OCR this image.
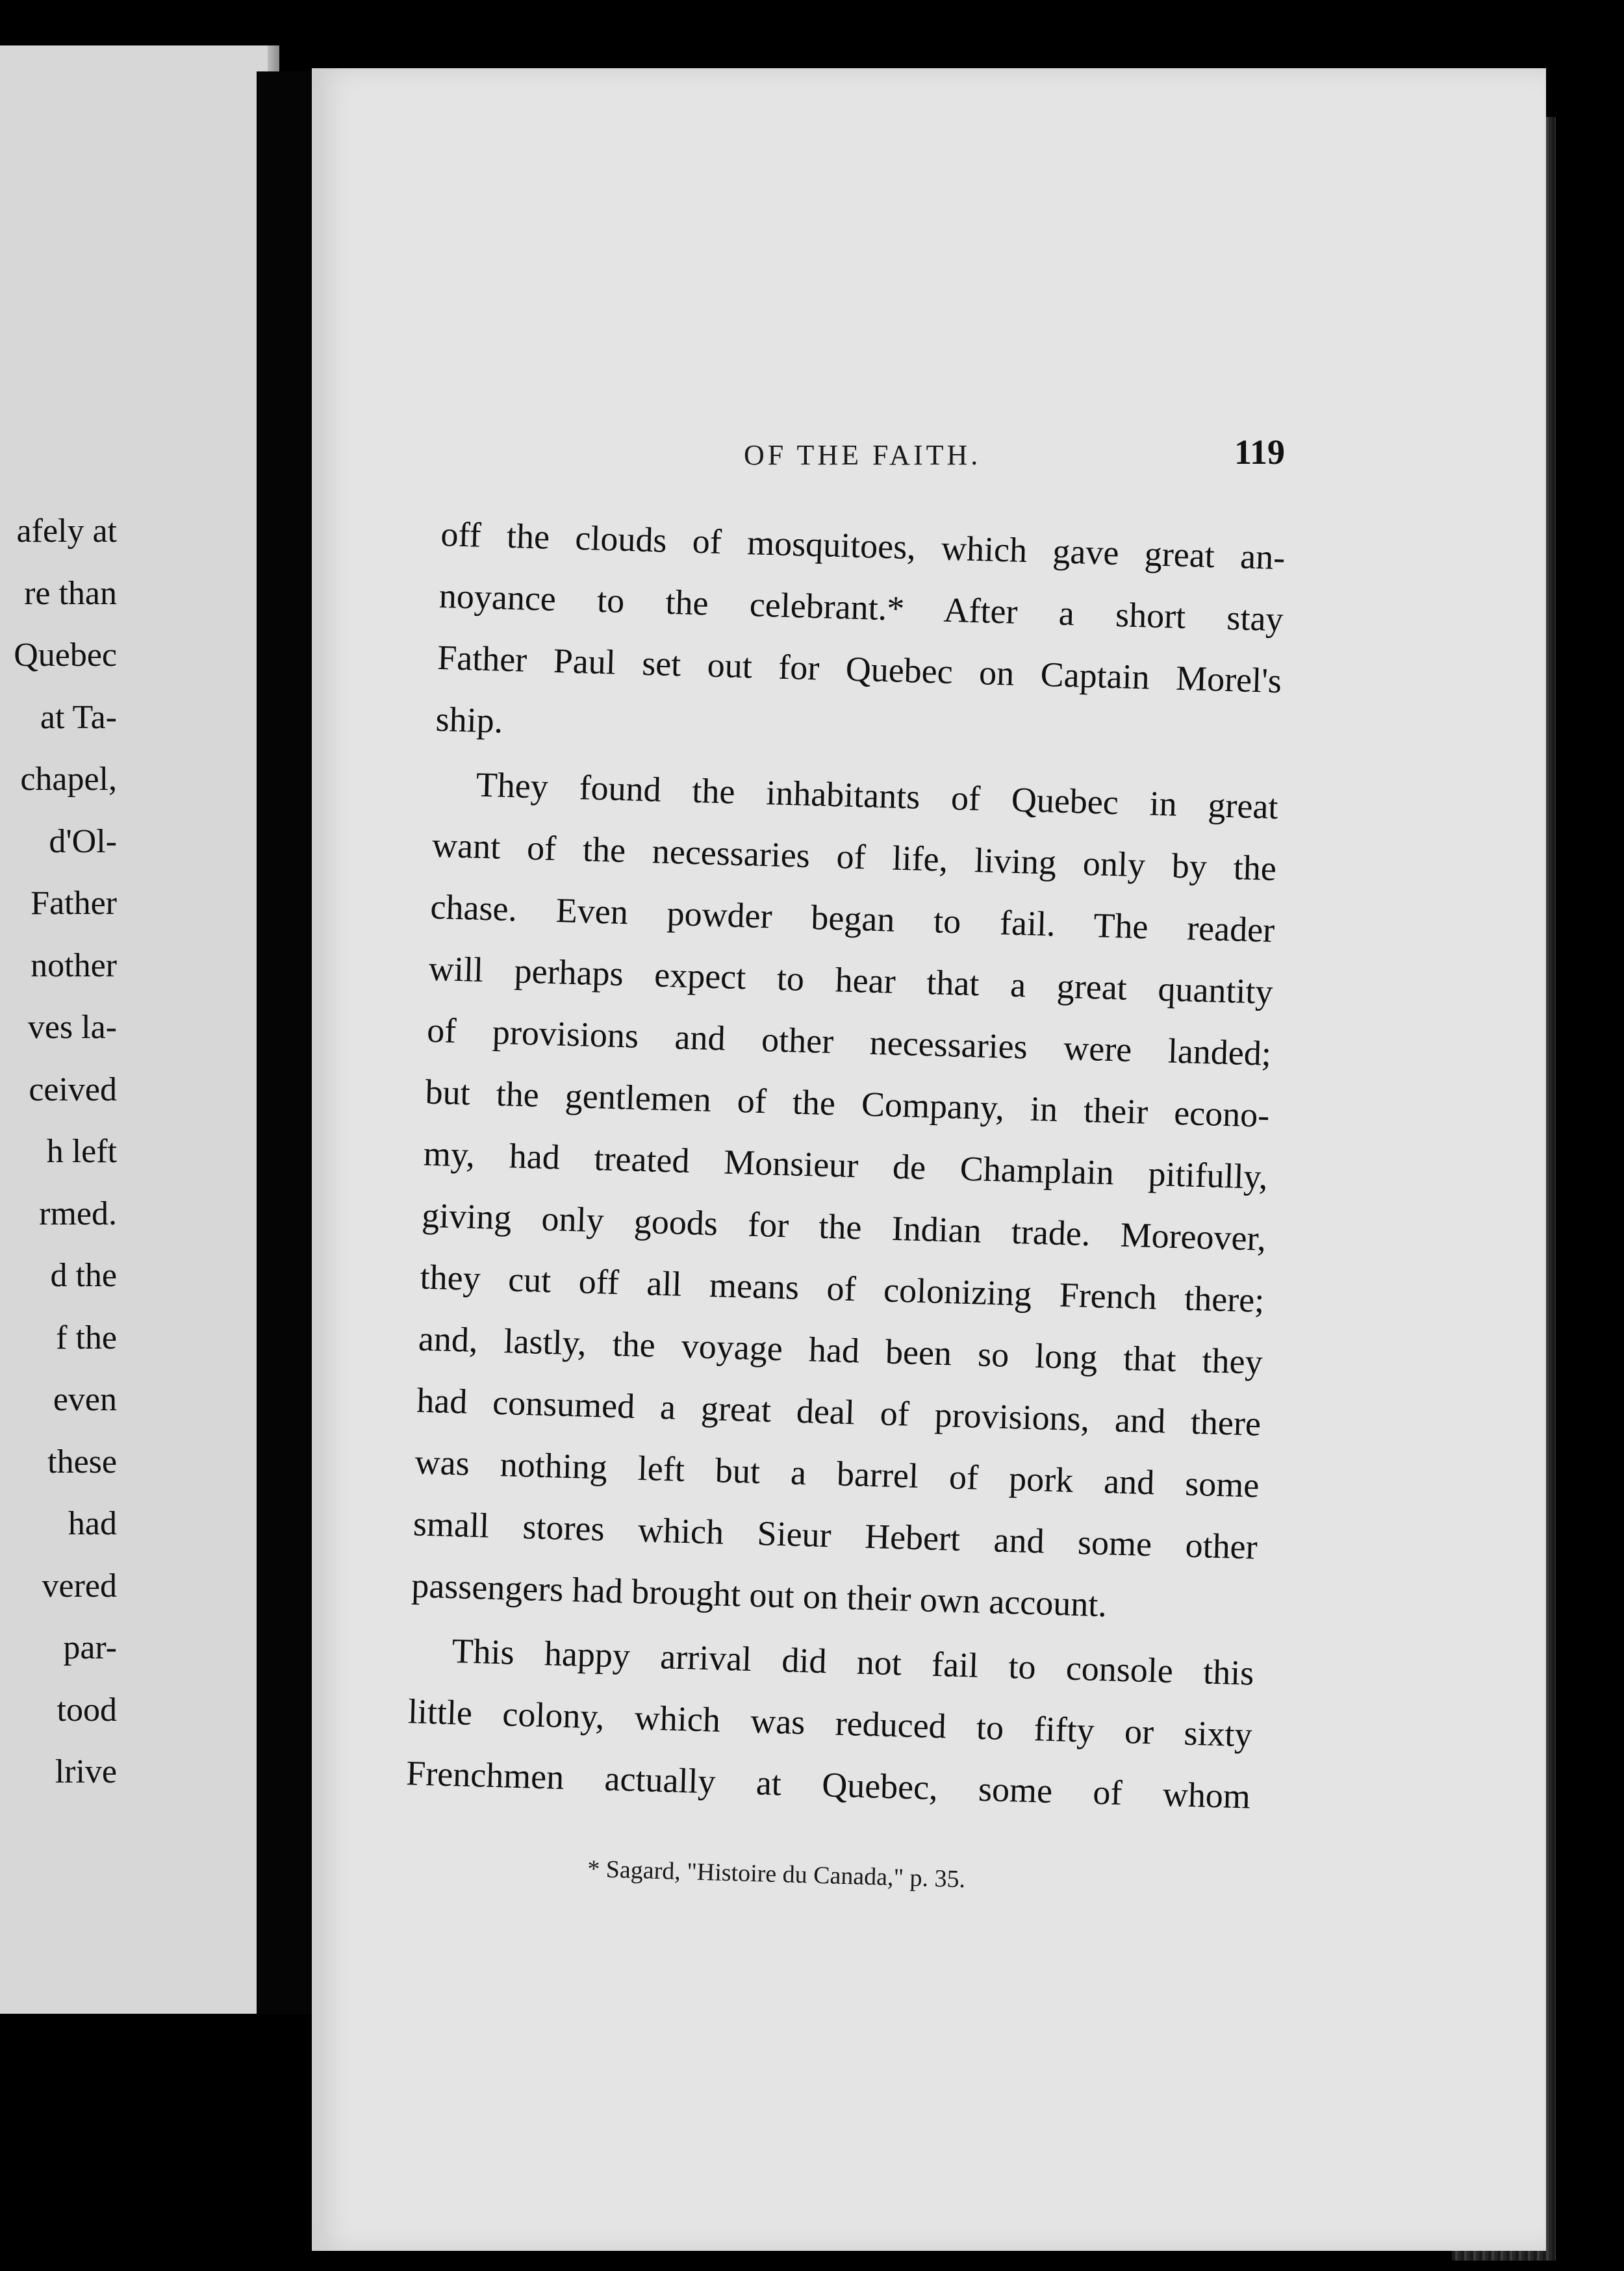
afely at
re than
Quebec
at Ta-
chapel,
d'Ol-
Father
nother
ves la-
ceived
h left
rmed.
d the
f the
even
these
had
vered
par-
tood
lrive
OF THE FAITH.	119
off the clouds of mosquitoes, which gave great an-
noyance to the celebrant.* After a short stay
Father Paul set out for Quebec on Captain Morel's
ship.
They found the inhabitants of Quebec in great
want of the necessaries of life, living only by the
chase. Even powder began to fail. The reader
will perhaps expect to hear that a great quantity
of provisions and other necessaries were landed;
but the gentlemen of the Company, in their econo-
my, had treated Monsieur de Champlain pitifully,
giving only goods for the Indian trade. Moreover,
they cut off all means of colonizing French there;
and, lastly, the voyage had been so long that they
had consumed a great deal of provisions, and there
was nothing left but a barrel of pork and some
small stores which Sieur Hebert and some other
passengers had brought out on their own account.
This happy arrival did not fail to console this
little colony, which was reduced to fifty or sixty
Frenchmen actually at Quebec, some of whom
* Sagard, "Histoire du Canada," p. 35.
